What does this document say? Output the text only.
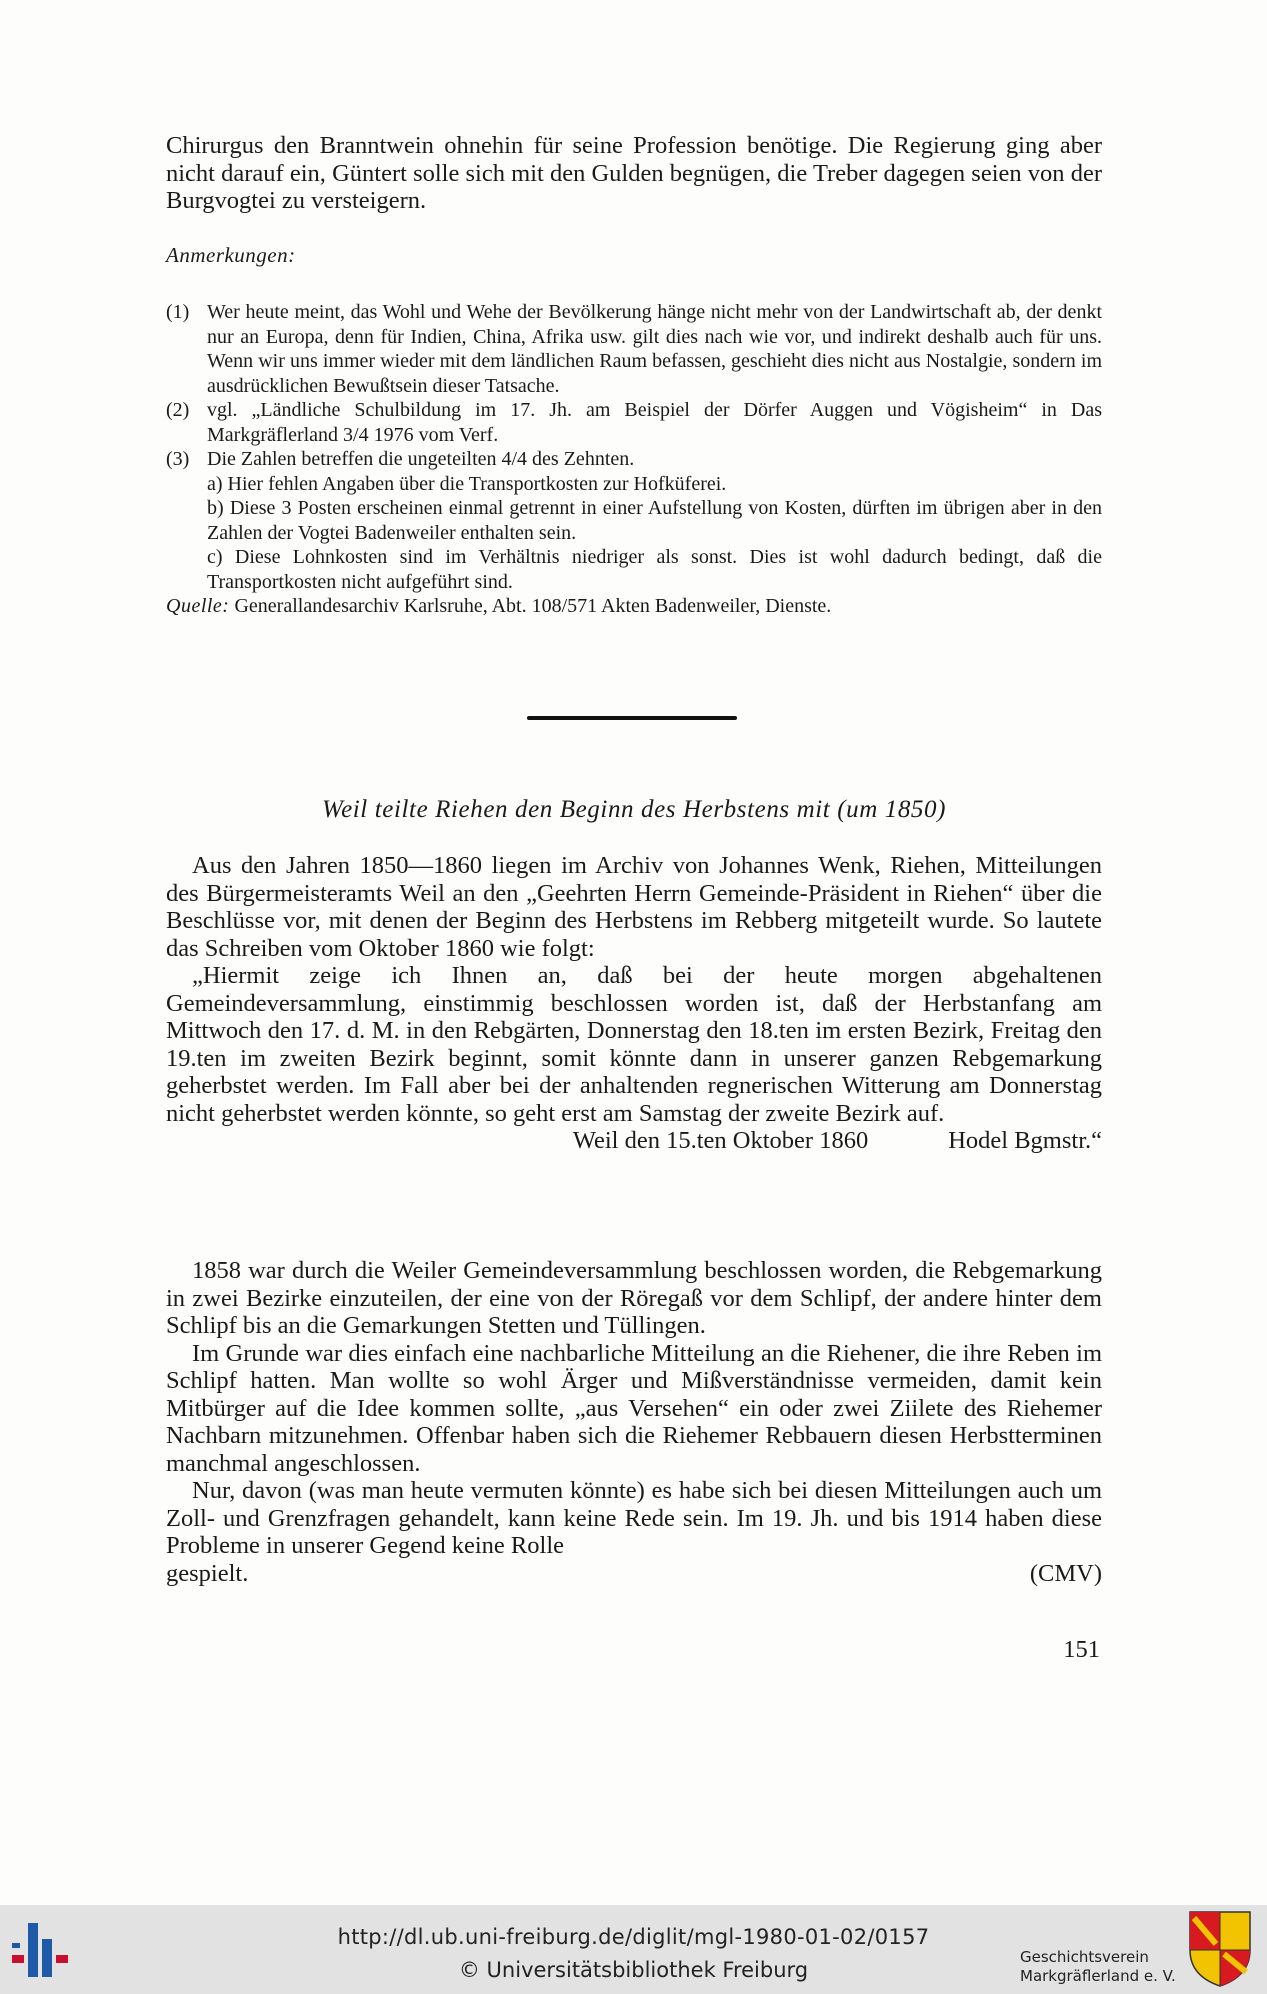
Chirurgus den Branntwein ohnehin für seine Profession benötige. Die Regierung ging aber nicht darauf ein, Güntert solle sich mit den Gulden begnügen, die Treber dagegen seien von der Burgvogtei zu versteigern.

Anmerkungen:

(1) Wer heute meint, das Wohl und Wehe der Bevölkerung hänge nicht mehr von der Landwirtschaft ab, der denkt nur an Europa, denn für Indien, China, Afrika usw. gilt dies nach wie vor, und indirekt deshalb auch für uns. Wenn wir uns immer wieder mit dem ländlichen Raum befassen, geschieht dies nicht aus Nostalgie, sondern im ausdrücklichen Bewußtsein dieser Tatsache.

(2) vgl. „Ländliche Schulbildung im 17. Jh. am Beispiel der Dörfer Auggen und Vögisheim“ in Das Markgräflerland 3/4 1976 vom Verf.

(3) Die Zahlen betreffen die ungeteilten 4/4 des Zehnten.

a) Hier fehlen Angaben über die Transportkosten zur Hofküferei.

b) Diese 3 Posten erscheinen einmal getrennt in einer Aufstellung von Kosten, dürften im übrigen aber in den Zahlen der Vogtei Badenweiler enthalten sein.

c) Diese Lohnkosten sind im Verhältnis niedriger als sonst. Dies ist wohl dadurch bedingt, daß die Transportkosten nicht aufgeführt sind.

Quelle: Generallandesarchiv Karlsruhe, Abt. 108/571 Akten Badenweiler, Dienste.

Weil teilte Riehen den Beginn des Herbstens mit (um 1850)

Aus den Jahren 1850—1860 liegen im Archiv von Johannes Wenk, Riehen, Mitteilungen des Bürgermeisteramts Weil an den „Geehrten Herrn Gemeinde-Präsident in Riehen“ über die Beschlüsse vor, mit denen der Beginn des Herbstens im Rebberg mitgeteilt wurde. So lautete das Schreiben vom Oktober 1860 wie folgt:

„Hiermit zeige ich Ihnen an, daß bei der heute morgen abgehaltenen Gemeindeversammlung, einstimmig beschlossen worden ist, daß der Herbstanfang am Mittwoch den 17. d. M. in den Rebgärten, Donnerstag den 18.ten im ersten Bezirk, Freitag den 19.ten im zweiten Bezirk beginnt, somit könnte dann in unserer ganzen Rebgemarkung geherbstet werden. Im Fall aber bei der anhaltenden regnerischen Witterung am Donnerstag nicht geherbstet werden könnte, so geht erst am Samstag der zweite Bezirk auf.

Weil den 15.ten Oktober 1860	Hodel Bgmstr.“

1858 war durch die Weiler Gemeindeversammlung beschlossen worden, die Rebgemarkung in zwei Bezirke einzuteilen, der eine von der Röregaß vor dem Schlipf, der andere hinter dem Schlipf bis an die Gemarkungen Stetten und Tüllingen.

Im Grunde war dies einfach eine nachbarliche Mitteilung an die Riehener, die ihre Reben im Schlipf hatten. Man wollte so wohl Ärger und Mißverständnisse vermeiden, damit kein Mitbürger auf die Idee kommen sollte, „aus Versehen“ ein oder zwei Ziilete des Riehemer Nachbarn mitzunehmen. Offenbar haben sich die Riehemer Rebbauern diesen Herbstterminen manchmal angeschlossen.

Nur, davon (was man heute vermuten könnte) es habe sich bei diesen Mitteilungen auch um Zoll- und Grenzfragen gehandelt, kann keine Rede sein. Im 19. Jh. und bis 1914 haben diese Probleme in unserer Gegend keine Rolle

gespielt.	(CMV)

151
http://dl.ub.uni-freiburg.de/diglit/mgl-1980-01-02/0157
© Universitätsbibliothek Freiburg
Geschichtsverein
Markgräflerland e. V.
